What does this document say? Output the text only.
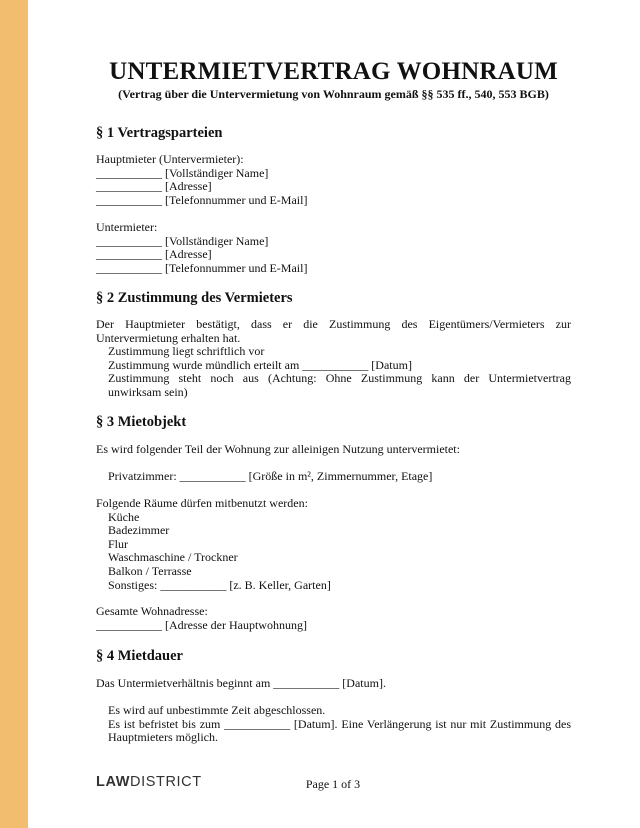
UNTERMIETVERTRAG WOHNRAUM
(Vertrag über die Untervermietung von Wohnraum gemäß §§ 535 ff., 540, 553 BGB)
§ 1 Vertragsparteien
Hauptmieter (Untervermieter):
___________ [Vollständiger Name]
___________ [Adresse]
___________ [Telefonnummer und E-Mail]
Untermieter:
___________ [Vollständiger Name]
___________ [Adresse]
___________ [Telefonnummer und E-Mail]
§ 2 Zustimmung des Vermieters
Der Hauptmieter bestätigt, dass er die Zustimmung des Eigentümers/Vermieters zur Untervermietung erhalten hat.
Zustimmung liegt schriftlich vor
Zustimmung wurde mündlich erteilt am ___________ [Datum]
Zustimmung steht noch aus (Achtung: Ohne Zustimmung kann der Untermietvertrag unwirksam sein)
§ 3 Mietobjekt
Es wird folgender Teil der Wohnung zur alleinigen Nutzung untervermietet:
Privatzimmer: ___________ [Größe in m², Zimmernummer, Etage]
Folgende Räume dürfen mitbenutzt werden:
Küche
Badezimmer
Flur
Waschmaschine / Trockner
Balkon / Terrasse
Sonstiges: ___________ [z. B. Keller, Garten]
Gesamte Wohnadresse:
___________ [Adresse der Hauptwohnung]
§ 4 Mietdauer
Das Untermietverhältnis beginnt am ___________ [Datum].
Es wird auf unbestimmte Zeit abgeschlossen.
Es ist befristet bis zum ___________ [Datum]. Eine Verlängerung ist nur mit Zustimmung des Hauptmieters möglich.
LAWDISTRICT	Page 1 of 3
